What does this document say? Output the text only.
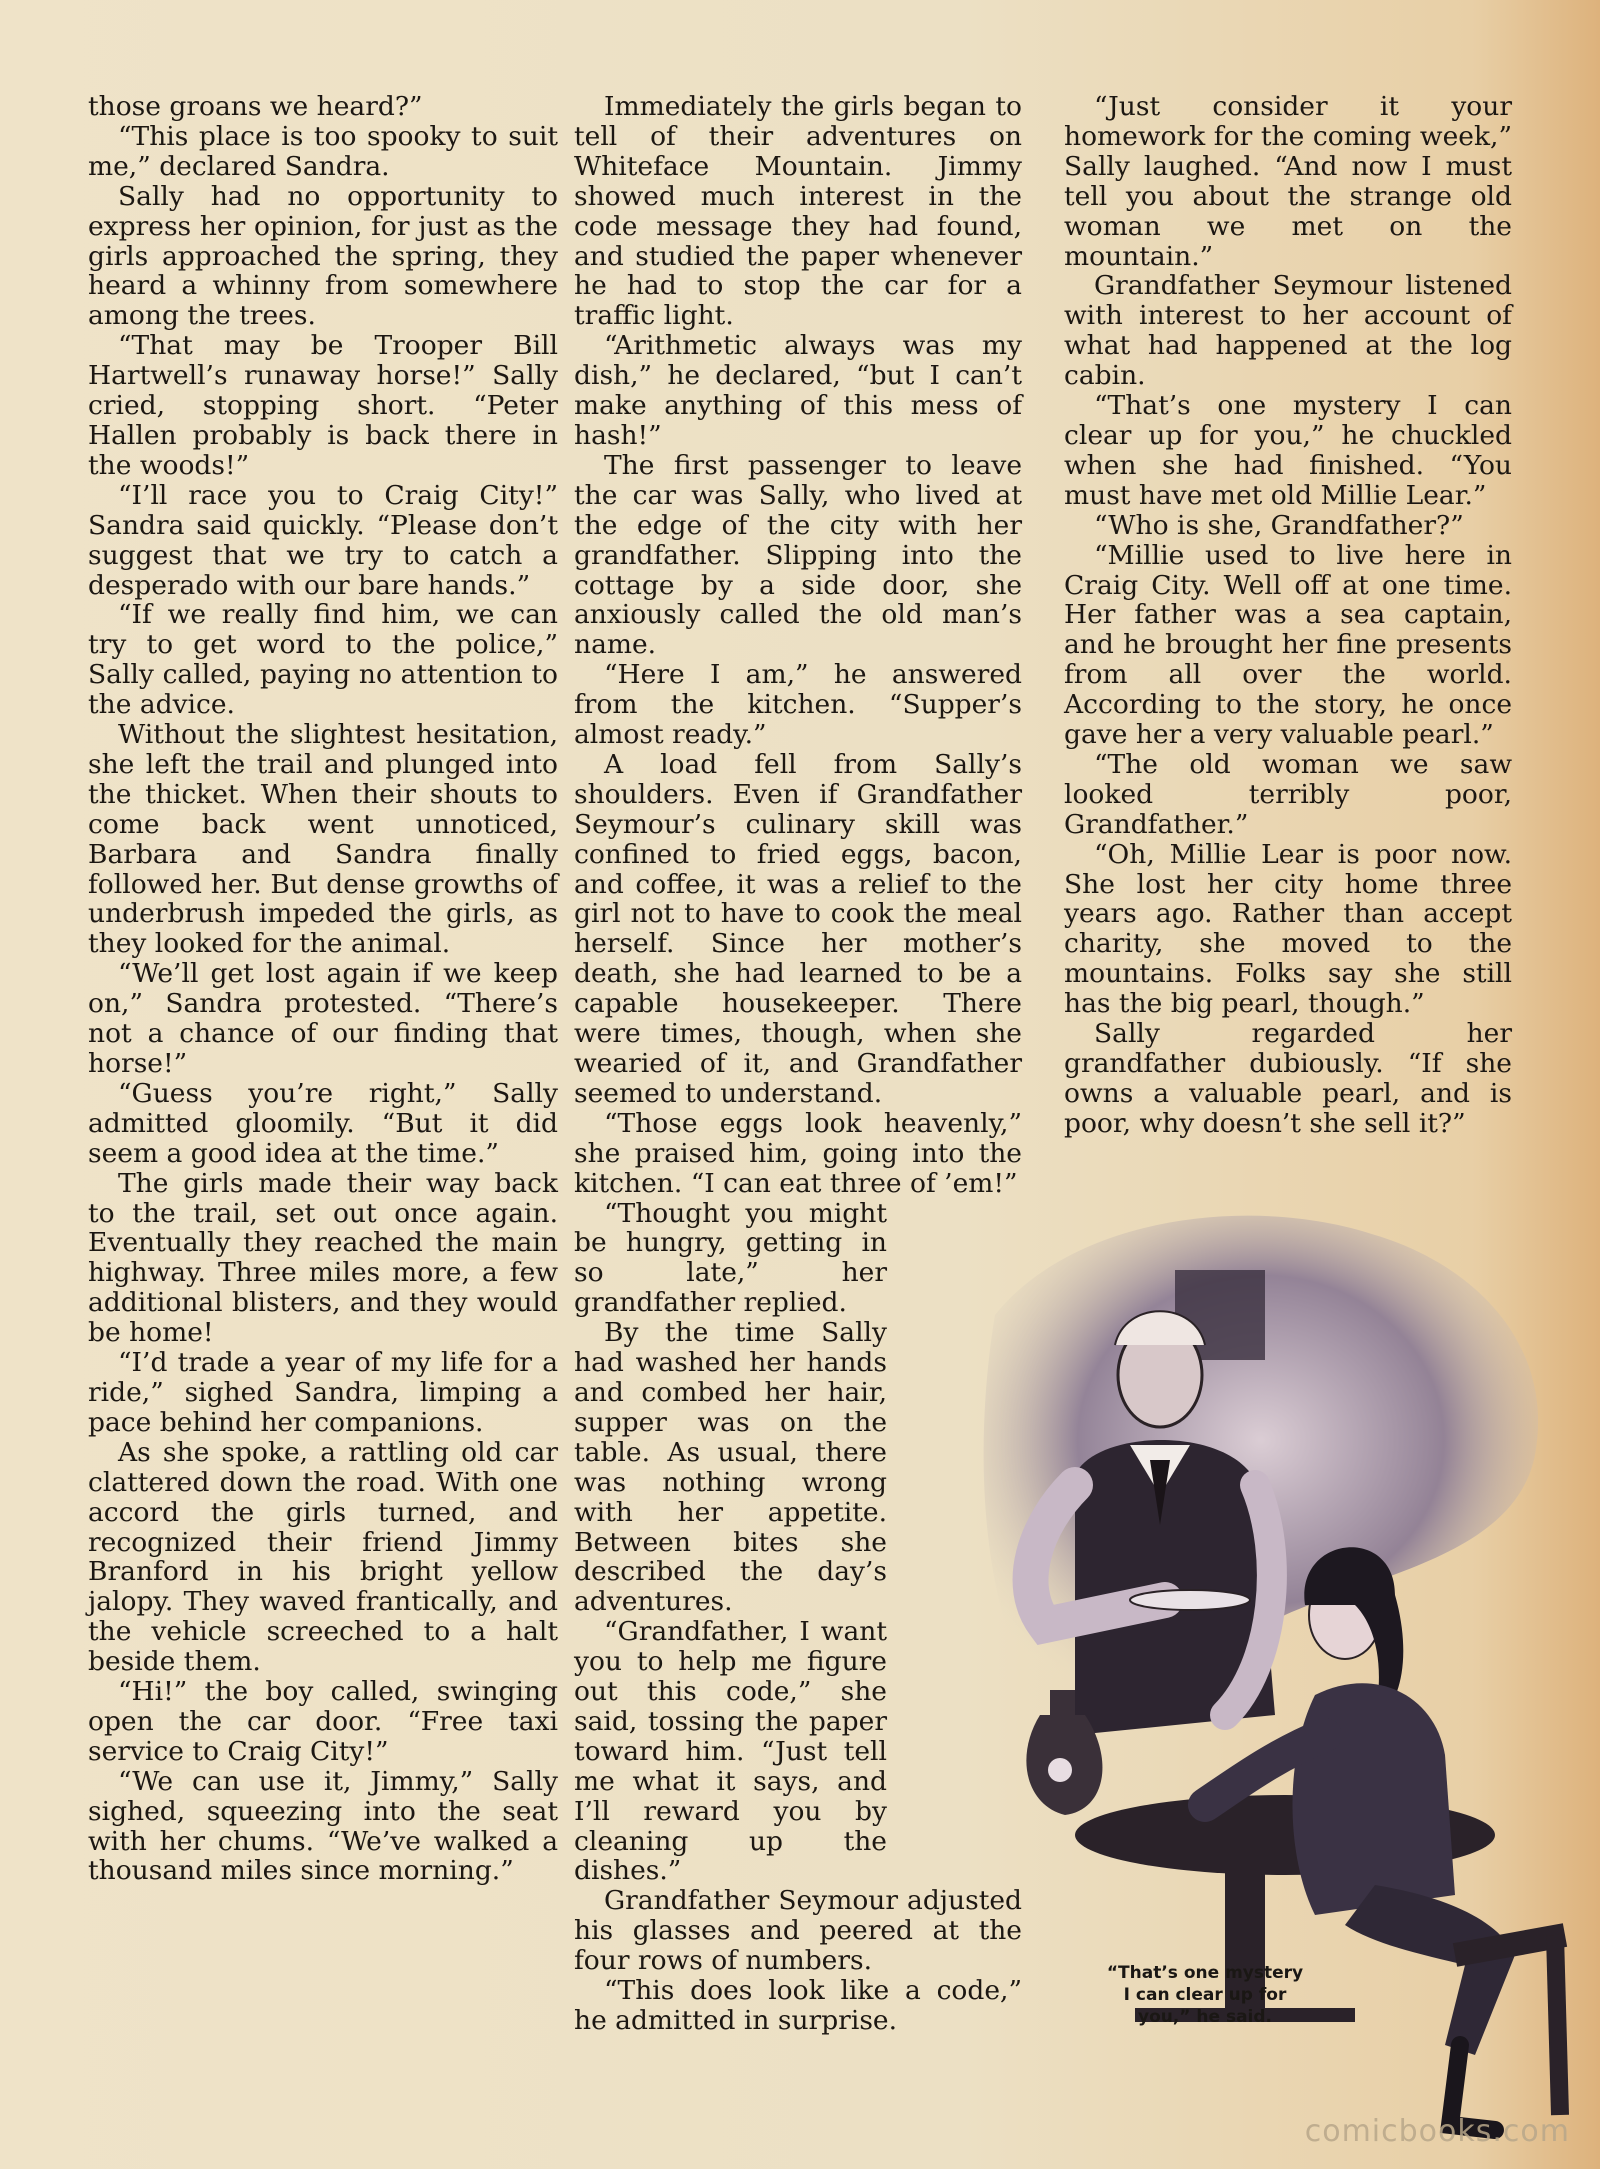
those groans we heard?”

“This place is too spooky to suit me,” declared Sandra.

Sally had no opportunity to express her opinion, for just as the girls approached the spring, they heard a whinny from somewhere among the trees.

“That may be Trooper Bill Hartwell’s runaway horse!” Sally cried, stopping short. “Peter Hallen probably is back there in the woods!”

“I’ll race you to Craig City!” Sandra said quickly. “Please don’t suggest that we try to catch a desperado with our bare hands.”

“If we really find him, we can try to get word to the police,” Sally called, paying no attention to the advice.

Without the slightest hesitation, she left the trail and plunged into the thicket. When their shouts to come back went unnoticed, Barbara and Sandra finally followed her. But dense growths of underbrush impeded the girls, as they looked for the animal.

“We’ll get lost again if we keep on,” Sandra protested. “There’s not a chance of our finding that horse!”

“Guess you’re right,” Sally admitted gloomily. “But it did seem a good idea at the time.”

The girls made their way back to the trail, set out once again. Eventually they reached the main highway. Three miles more, a few additional blisters, and they would be home!

“I’d trade a year of my life for a ride,” sighed Sandra, limping a pace behind her companions.

As she spoke, a rattling old car clattered down the road. With one accord the girls turned, and recognized their friend Jimmy Branford in his bright yellow jalopy. They waved frantically, and the vehicle screeched to a halt beside them.

“Hi!” the boy called, swinging open the car door. “Free taxi service to Craig City!”

“We can use it, Jimmy,” Sally sighed, squeezing into the seat with her chums. “We’ve walked a thousand miles since morning.”

Immediately the girls began to tell of their adventures on Whiteface Mountain. Jimmy showed much interest in the code message they had found, and studied the paper whenever he had to stop the car for a traffic light.

“Arithmetic always was my dish,” he declared, “but I can’t make anything of this mess of hash!”

The first passenger to leave the car was Sally, who lived at the edge of the city with her grandfather. Slipping into the cottage by a side door, she anxiously called the old man’s name.

“Here I am,” he answered from the kitchen. “Supper’s almost ready.”

A load fell from Sally’s shoulders. Even if Grandfather Seymour’s culinary skill was confined to fried eggs, bacon, and coffee, it was a relief to the girl not to have to cook the meal herself. Since her mother’s death, she had learned to be a capable housekeeper. There were times, though, when she wearied of it, and Grandfather seemed to understand.

“Those eggs look heavenly,” she praised him, going into the kitchen. “I can eat three of ’em!”

“Thought you might be hungry, getting in so late,” her grandfather replied.

By the time Sally had washed her hands and combed her hair, supper was on the table. As usual, there was nothing wrong with her appetite. Between bites she described the day’s adventures.

“Grandfather, I want you to help me figure out this code,” she said, tossing the paper toward him. “Just tell me what it says, and I’ll reward you by cleaning up the dishes.”

Grandfather Seymour adjusted his glasses and peered at the four rows of numbers.

“This does look like a code,” he admitted in surprise.

“Just consider it your homework for the coming week,” Sally laughed. “And now I must tell you about the strange old woman we met on the mountain.”

Grandfather Seymour listened with interest to her account of what had happened at the log cabin.

“That’s one mystery I can clear up for you,” he chuckled when she had finished. “You must have met old Millie Lear.”

“Who is she, Grandfather?”

“Millie used to live here in Craig City. Well off at one time. Her father was a sea captain, and he brought her fine presents from all over the world. According to the story, he once gave her a very valuable pearl.”

“The old woman we saw looked terribly poor, Grandfather.”

“Oh, Millie Lear is poor now. She lost her city home three years ago. Rather than accept charity, she moved to the mountains. Folks say she still has the big pearl, though.”

Sally regarded her grandfather dubiously. “If she owns a valuable pearl, and is poor, why doesn’t she sell it?”

“That’s one mystery
I can clear up for
you,” he said.
comicbooks.com
